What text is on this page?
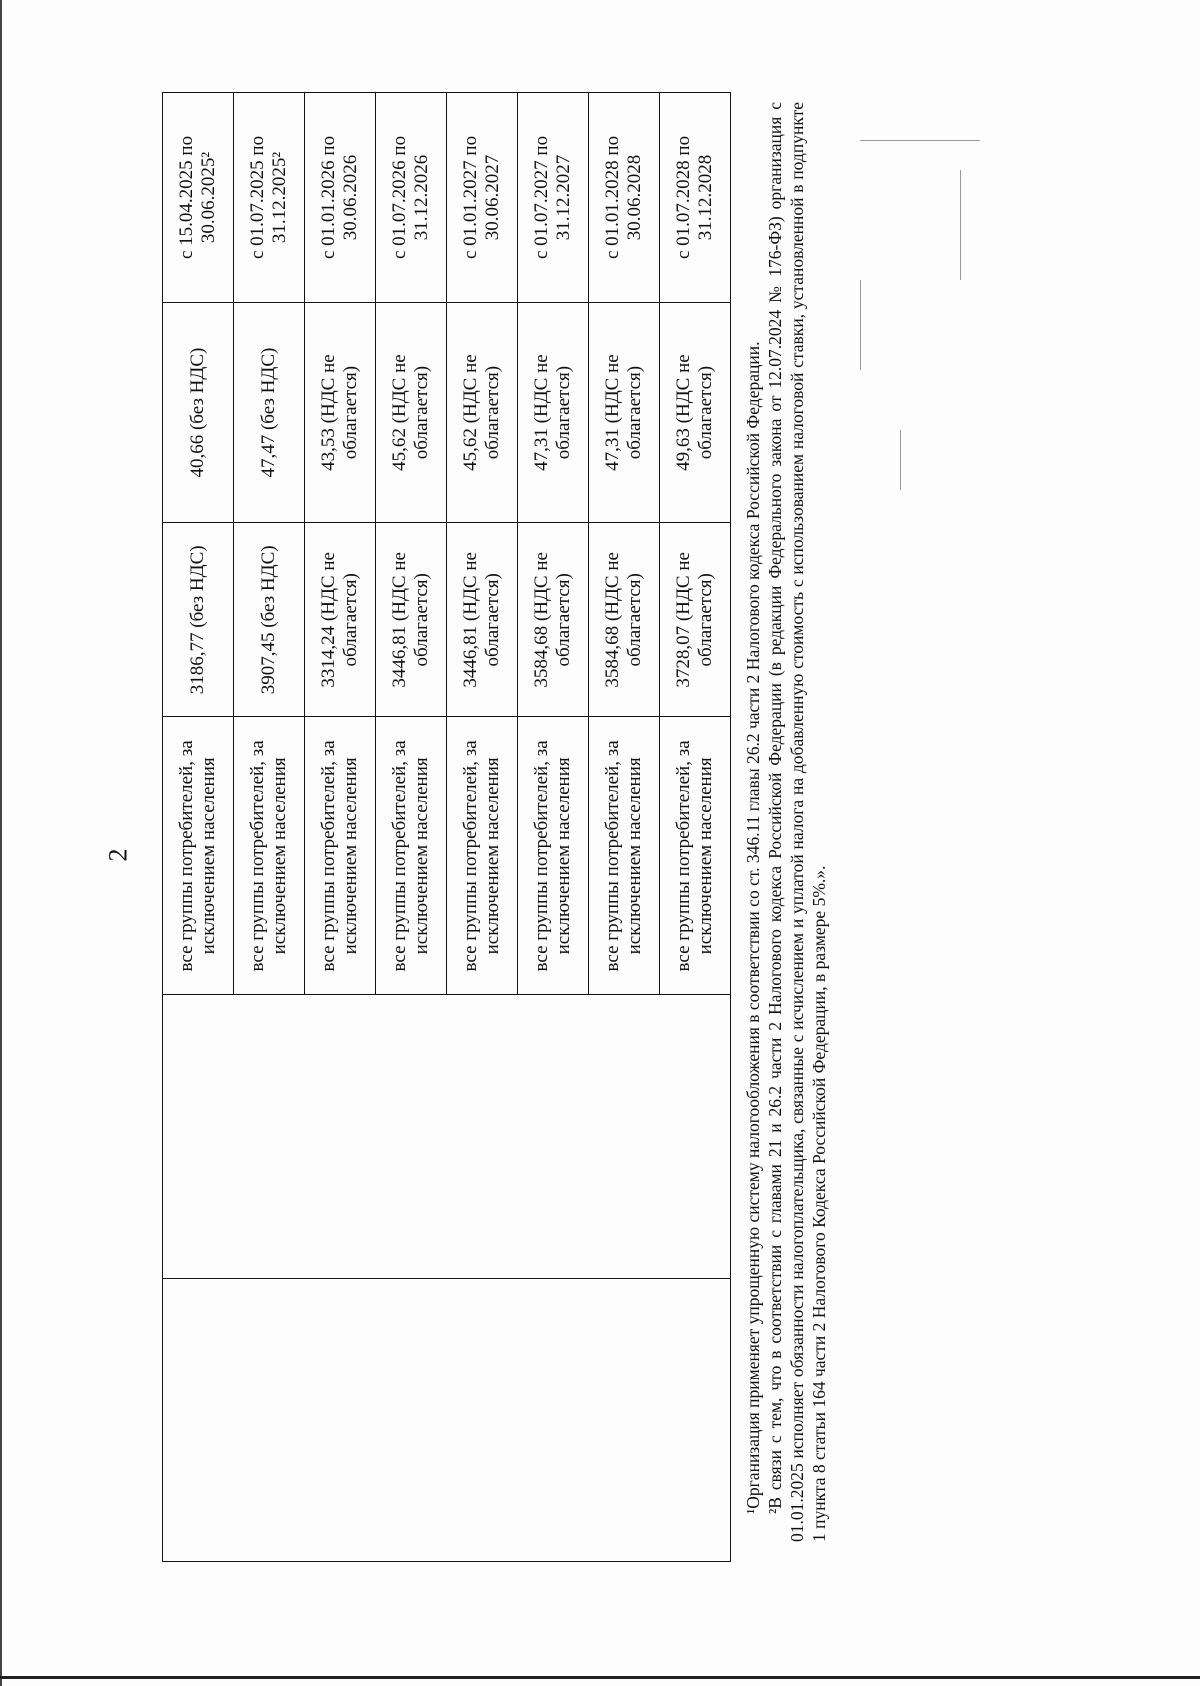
2
		все группы потребителей, за исключением населения	3186,77 (без НДС)	40,66 (без НДС)	с 15.04.2025 по 30.06.2025²
		все группы потребителей, за исключением населения	3907,45 (без НДС)	47,47 (без НДС)	с 01.07.2025 по 31.12.2025²
		все группы потребителей, за исключением населения	3314,24 (НДС не облагается)	43,53 (НДС не облагается)	с 01.01.2026 по 30.06.2026
		все группы потребителей, за исключением населения	3446,81 (НДС не облагается)	45,62 (НДС не облагается)	с 01.07.2026 по 31.12.2026
		все группы потребителей, за исключением населения	3446,81 (НДС не облагается)	45,62 (НДС не облагается)	с 01.01.2027 по 30.06.2027
		все группы потребителей, за исключением населения	3584,68 (НДС не облагается)	47,31 (НДС не облагается)	с 01.07.2027 по 31.12.2027
		все группы потребителей, за исключением населения	3584,68 (НДС не облагается)	47,31 (НДС не облагается)	с 01.01.2028 по 30.06.2028
		все группы потребителей, за исключением населения	3728,07 (НДС не облагается)	49,63 (НДС не облагается)	с 01.07.2028 по 31.12.2028

¹Организация применяет упрощенную систему налогообложения в соответствии со ст. 346.11 главы 26.2 части 2 Налогового кодекса Российской Федерации. ²В связи с тем, что в соответствии с главами 21 и 26.2 части 2 Налогового кодекса Российской Федерации (в редакции Федерального закона от 12.07.2024 № 176-ФЗ) организация с 01.01.2025 исполняет обязанности налогоплательщика, связанные с исчислением и уплатой налога на добавленную стоимость с использованием налоговой ставки, установленной в подпункте 1 пункта 8 статьи 164 части 2 Налогового Кодекса Российской Федерации, в размере 5%.».
